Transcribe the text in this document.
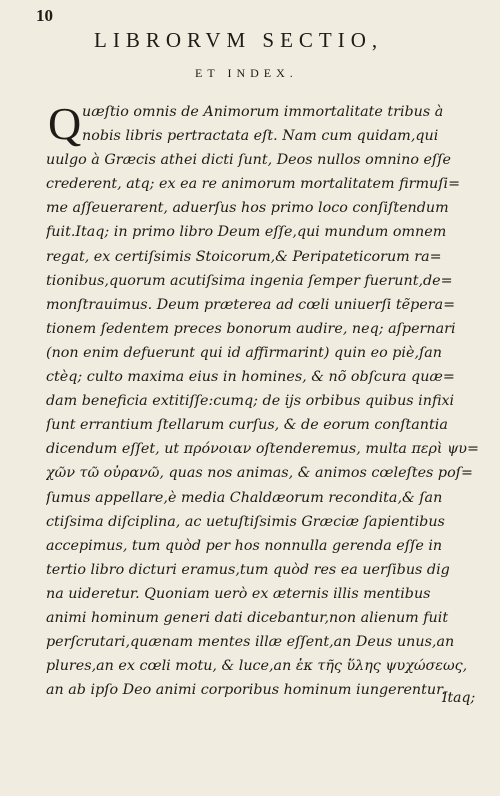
10
LIBRORVM SECTIO,
ET INDEX.
Q uæſtio omnis de Animorum immortalitate tribus à
nobis libris pertractata eſt. Nam cum quidam,qui
uulgo à Græcis athei dicti ſunt, Deos nullos omnino eſſe
crederent, atq; ex ea re animorum mortalitatem firmuſi=
me aſſeuerarent, aduerſus hos primo loco conſiſtendum
fuit.Itaq; in primo libro Deum eſſe,qui mundum omnem
regat, ex certiſsimis Stoicorum,& Peripateticorum ra=
tionibus,quorum acutiſsima ingenia ſemper fuerunt,de=
monſtrauimus. Deum præterea ad cœli uniuerſi tẽpera=
tionem ſedentem preces bonorum audire, neq; aſpernari
(non enim defuerunt qui id affirmarint) quin eo piè,ſan
ctèq; culto maxima eius in homines, & nõ obſcura quæ=
dam beneficia extitiſſe:cumq; de ijs orbibus quibus infixi
ſunt errantium ſtellarum curſus, & de eorum conſtantia
dicendum eſſet, ut πρόνοιαν oſtenderemus, multa περὶ ψυ=
χῶν τῶ οὐρανῶ, quas nos animas, & animos cœleſtes poſ=
ſumus appellare,è media Chaldæorum recondita,& ſan
ctiſsima diſciplina, ac uetuſtiſsimis Græciæ ſapientibus
accepimus, tum quòd per hos nonnulla gerenda eſſe in
tertio libro dicturi eramus,tum quòd res ea uerſibus dig
na uideretur. Quoniam uerò ex æternis illis mentibus
animi hominum generi dati dicebantur,non alienum fuit
perſcrutari,quænam mentes illæ eſſent,an Deus unus,an
plures,an ex cœli motu, & luce,an ἐκ τῆς ὕλης ψυχώσεως,
an ab ipſo Deo animi corporibus hominum iungerentur.
Itaq;
